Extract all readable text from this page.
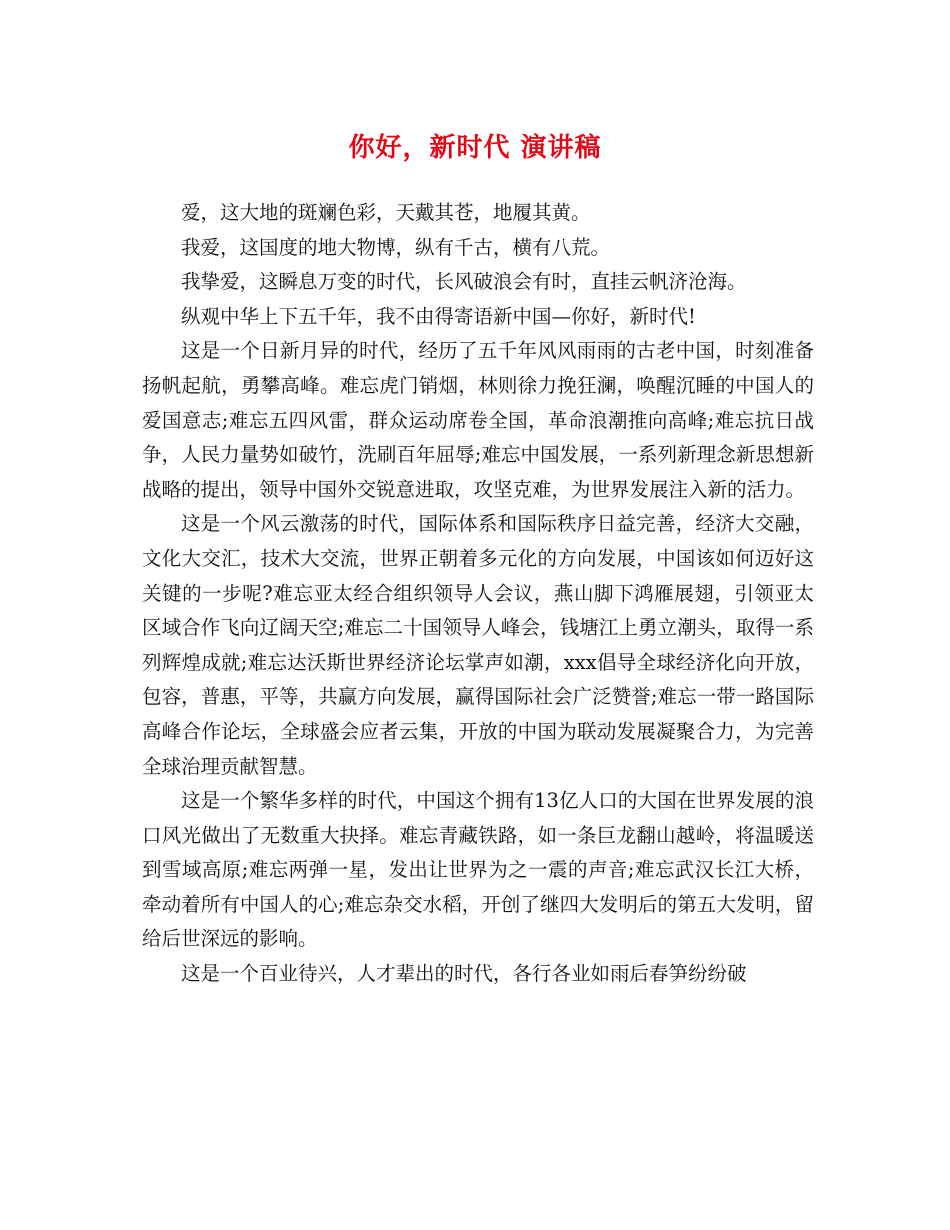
你好，新时代 演讲稿

爱，这大地的斑斓色彩，天戴其苍，地履其黄。

我爱，这国度的地大物博，纵有千古，横有八荒。

我挚爱，这瞬息万变的时代，长风破浪会有时，直挂云帆济沧海。

纵观中华上下五千年，我不由得寄语新中国—你好，新时代!

这是一个日新月异的时代，经历了五千年风风雨雨的古老中国，时刻准备扬帆起航，勇攀高峰。难忘虎门销烟，林则徐力挽狂澜，唤醒沉睡的中国人的爱国意志;难忘五四风雷，群众运动席卷全国，革命浪潮推向高峰;难忘抗日战争，人民力量势如破竹，洗刷百年屈辱;难忘中国发展，一系列新理念新思想新战略的提出，领导中国外交锐意进取，攻坚克难，为世界发展注入新的活力。

这是一个风云激荡的时代，国际体系和国际秩序日益完善，经济大交融，文化大交汇，技术大交流，世界正朝着多元化的方向发展，中国该如何迈好这关键的一步呢?难忘亚太经合组织领导人会议，燕山脚下鸿雁展翅，引领亚太区域合作飞向辽阔天空;难忘二十国领导人峰会，钱塘江上勇立潮头，取得一系列辉煌成就;难忘达沃斯世界经济论坛掌声如潮，xxx倡导全球经济化向开放，包容，普惠，平等，共赢方向发展，赢得国际社会广泛赞誉;难忘一带一路国际高峰合作论坛，全球盛会应者云集，开放的中国为联动发展凝聚合力，为完善全球治理贡献智慧。

这是一个繁华多样的时代，中国这个拥有13亿人口的大国在世界发展的浪口风光做出了无数重大抉择。难忘青藏铁路，如一条巨龙翻山越岭，将温暖送到雪域高原;难忘两弹一星，发出让世界为之一震的声音;难忘武汉长江大桥，牵动着所有中国人的心;难忘杂交水稻，开创了继四大发明后的第五大发明，留给后世深远的影响。

这是一个百业待兴，人才辈出的时代，各行各业如雨后春笋纷纷破
